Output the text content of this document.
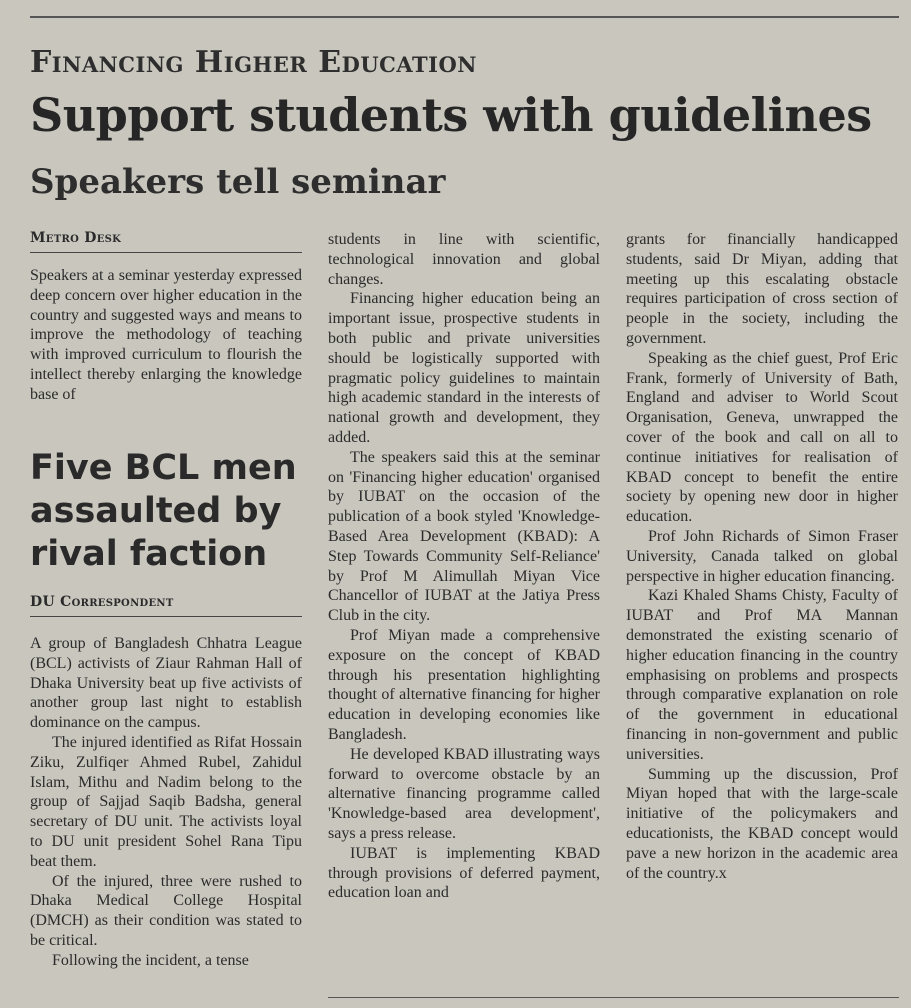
Financing Higher Education
Support students with guidelines
Speakers tell seminar
Metro Desk

Speakers at a seminar yesterday expressed deep concern over higher education in the country and suggested ways and means to improve the methodology of teaching with improved curriculum to flourish the intellect thereby enlarging the knowledge base of

Five BCL men assaulted by rival faction
DU Correspondent

A group of Bangladesh Chhatra League (BCL) activists of Ziaur Rahman Hall of Dhaka University beat up five activists of another group last night to establish dominance on the campus.

The injured identified as Rifat Hossain Ziku, Zulfiqer Ahmed Rubel, Zahidul Islam, Mithu and Nadim belong to the group of Sajjad Saqib Badsha, general secretary of DU unit. The activists loyal to DU unit president Sohel Rana Tipu beat them.

Of the injured, three were rushed to Dhaka Medical College Hospital (DMCH) as their condition was stated to be critical.

Following the incident, a tense

students in line with scientific, technological innovation and global changes.

Financing higher education being an important issue, prospective students in both public and private universities should be logistically supported with pragmatic policy guidelines to maintain high academic standard in the interests of national growth and development, they added.

The speakers said this at the seminar on 'Financing higher education' organised by IUBAT on the occasion of the publication of a book styled 'Knowledge-Based Area Development (KBAD): A Step Towards Community Self-Reliance' by Prof M Alimullah Miyan Vice Chancellor of IUBAT at the Jatiya Press Club in the city.

Prof Miyan made a comprehensive exposure on the concept of KBAD through his presentation highlighting thought of alternative financing for higher education in developing economies like Bangladesh.

He developed KBAD illustrating ways forward to overcome obstacle by an alternative financing programme called 'Knowledge-based area development', says a press release.

IUBAT is implementing KBAD through provisions of deferred payment, education loan and

grants for financially handicapped students, said Dr Miyan, adding that meeting up this escalating obstacle requires participation of cross section of people in the society, including the government.

Speaking as the chief guest, Prof Eric Frank, formerly of University of Bath, England and adviser to World Scout Organisation, Geneva, unwrapped the cover of the book and call on all to continue initiatives for realisation of KBAD concept to benefit the entire society by opening new door in higher education.

Prof John Richards of Simon Fraser University, Canada talked on global perspective in higher education financing.

Kazi Khaled Shams Chisty, Faculty of IUBAT and Prof MA Mannan demonstrated the existing scenario of higher education financing in the country emphasising on problems and prospects through comparative explanation on role of the government in educational financing in non-government and public universities.

Summing up the discussion, Prof Miyan hoped that with the large-scale initiative of the policymakers and educationists, the KBAD concept would pave a new horizon in the academic area of the country.x
